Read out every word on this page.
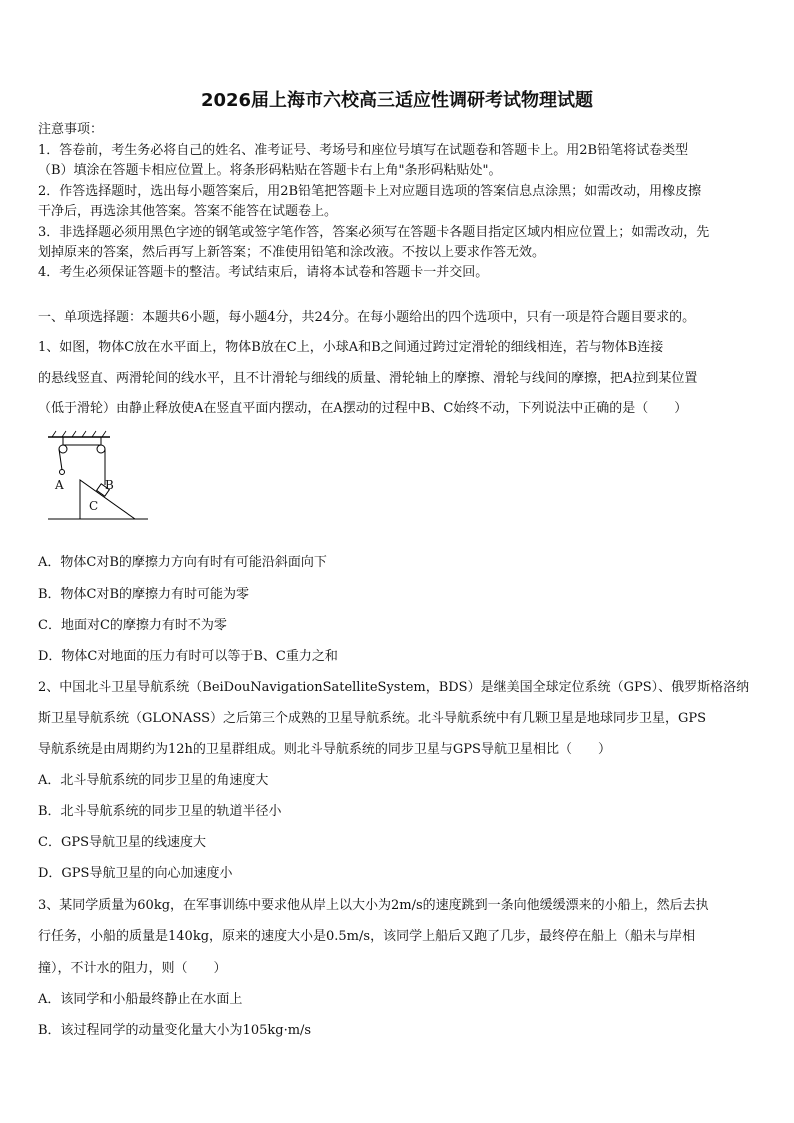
2026届上海市六校高三适应性调研考试物理试题
注意事项：
1．答卷前，考生务必将自己的姓名、准考证号、考场号和座位号填写在试题卷和答题卡上。用2B铅笔将试卷类型
（B）填涂在答题卡相应位置上。将条形码粘贴在答题卡右上角"条形码粘贴处"。
2．作答选择题时，选出每小题答案后，用2B铅笔把答题卡上对应题目选项的答案信息点涂黑；如需改动，用橡皮擦
干净后，再选涂其他答案。答案不能答在试题卷上。
3．非选择题必须用黑色字迹的钢笔或签字笔作答，答案必须写在答题卡各题目指定区域内相应位置上；如需改动，先
划掉原来的答案，然后再写上新答案；不准使用铅笔和涂改液。不按以上要求作答无效。
4．考生必须保证答题卡的整洁。考试结束后，请将本试卷和答题卡一并交回。
一、单项选择题：本题共6小题，每小题4分，共24分。在每小题给出的四个选项中，只有一项是符合题目要求的。
1、如图，物体C放在水平面上，物体B放在C上，小球A和B之间通过跨过定滑轮的细线相连，若与物体B连接
的悬线竖直、两滑轮间的线水平，且不计滑轮与细线的质量、滑轮轴上的摩擦、滑轮与线间的摩擦，把A拉到某位置
（低于滑轮）由静止释放使A在竖直平面内摆动，在A摆动的过程中B、C始终不动，下列说法中正确的是（　　）
A	B
C
A．物体C对B的摩擦力方向有时有可能沿斜面向下
B．物体C对B的摩擦力有时可能为零
C．地面对C的摩擦力有时不为零
D．物体C对地面的压力有时可以等于B、C重力之和
2、中国北斗卫星导航系统（BeiDouNavigationSatelliteSystem，BDS）是继美国全球定位系统（GPS）、俄罗斯格洛纳
斯卫星导航系统（GLONASS）之后第三个成熟的卫星导航系统。北斗导航系统中有几颗卫星是地球同步卫星，GPS
导航系统是由周期约为12h的卫星群组成。则北斗导航系统的同步卫星与GPS导航卫星相比（　　）
A．北斗导航系统的同步卫星的角速度大
B．北斗导航系统的同步卫星的轨道半径小
C．GPS导航卫星的线速度大
D．GPS导航卫星的向心加速度小
3、某同学质量为60kg，在军事训练中要求他从岸上以大小为2m/s的速度跳到一条向他缓缓漂来的小船上，然后去执
行任务，小船的质量是140kg，原来的速度大小是0.5m/s，该同学上船后又跑了几步，最终停在船上（船未与岸相
撞），不计水的阻力，则（　　）
A．该同学和小船最终静止在水面上
B．该过程同学的动量变化量大小为105kg·m/s
